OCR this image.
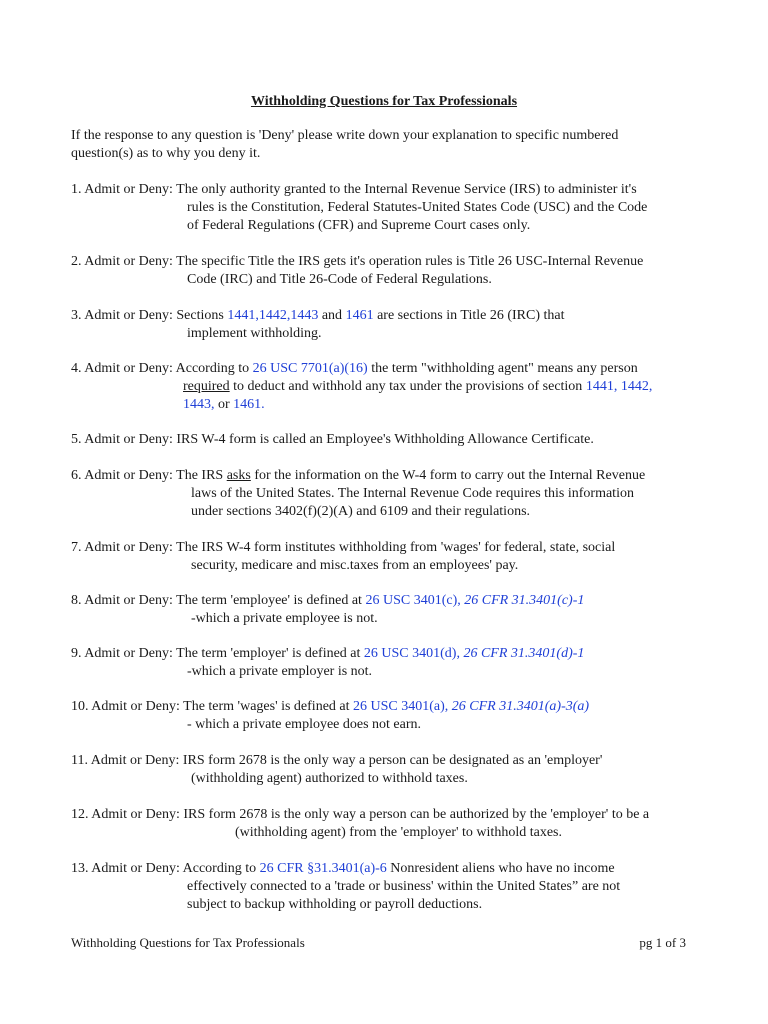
Withholding Questions for Tax Professionals
If the response to any question is 'Deny' please write down your explanation to specific numbered
question(s) as to why you deny it.
1. Admit or Deny: The only authority granted to the Internal Revenue Service (IRS) to administer it's
rules is the Constitution, Federal Statutes-United States Code (USC) and the Code
of Federal Regulations (CFR) and Supreme Court cases only.
2. Admit or Deny: The specific Title the IRS gets it's operation rules is Title 26 USC-Internal Revenue
Code (IRC) and Title 26-Code of Federal Regulations.
3. Admit or Deny: Sections 1441,1442,1443 and 1461 are sections in Title 26 (IRC) that
implement withholding.
4. Admit or Deny: According to 26 USC 7701(a)(16) the term "withholding agent" means any person
required to deduct and withhold any tax under the provisions of section 1441, 1442,
1443, or 1461.
5. Admit or Deny: IRS W-4 form is called an Employee's Withholding Allowance Certificate.
6. Admit or Deny: The IRS asks for the information on the W-4 form to carry out the Internal Revenue
laws of the United States. The Internal Revenue Code requires this information
under sections 3402(f)(2)(A) and 6109 and their regulations.
7. Admit or Deny: The IRS W-4 form institutes withholding from 'wages' for federal, state, social
security, medicare and misc.taxes from an employees' pay.
8. Admit or Deny: The term 'employee' is defined at 26 USC 3401(c), 26 CFR 31.3401(c)-1
-which a private employee is not.
9. Admit or Deny: The term 'employer' is defined at 26 USC 3401(d), 26 CFR 31.3401(d)-1
-which a private employer is not.
10. Admit or Deny: The term 'wages' is defined at 26 USC 3401(a), 26 CFR 31.3401(a)-3(a)
- which a private employee does not earn.
11. Admit or Deny: IRS form 2678 is the only way a person can be designated as an 'employer'
(withholding agent) authorized to withhold taxes.
12. Admit or Deny: IRS form 2678 is the only way a person can be authorized by the 'employer' to be a
(withholding agent) from the 'employer' to withhold taxes.
13. Admit or Deny: According to 26 CFR §31.3401(a)-6 Nonresident aliens who have no income
effectively connected to a 'trade or business' within the United States” are not
subject to backup withholding or payroll deductions.
Withholding Questions for Tax Professionals	pg 1 of 3
